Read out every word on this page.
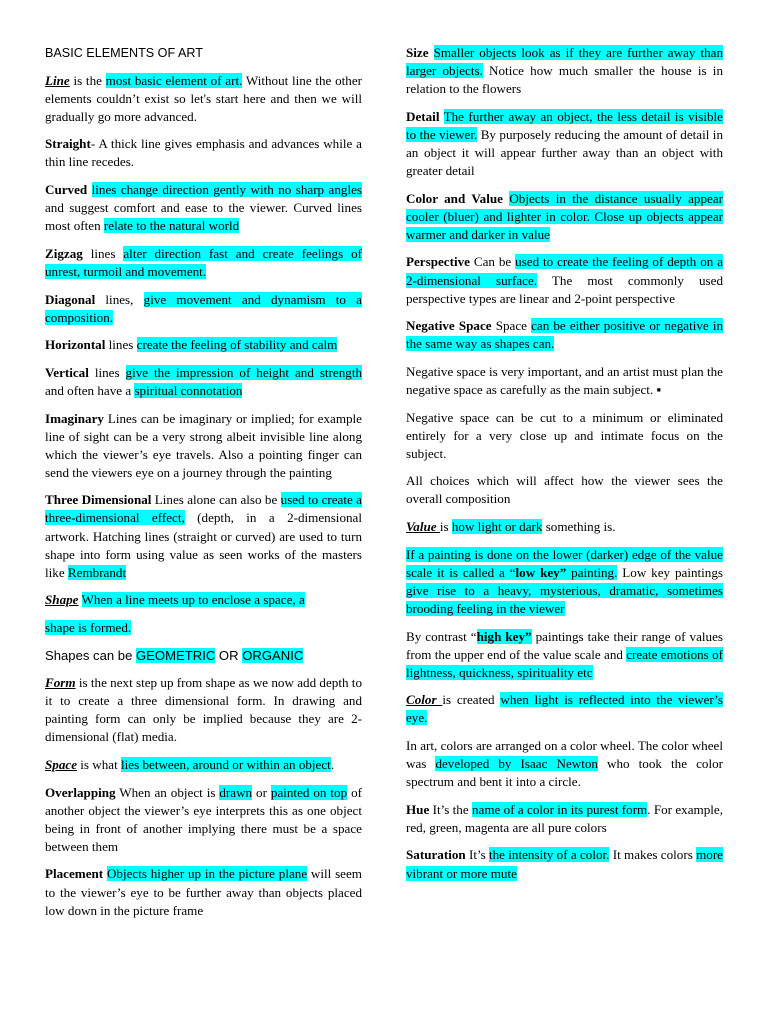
BASIC ELEMENTS OF ART

Line is the most basic element of art. Without line the other elements couldn’t exist so let's start here and then we will gradually go more advanced.

Straight- A thick line gives emphasis and advances while a thin line recedes.

Curved lines change direction gently with no sharp angles and suggest comfort and ease to the viewer. Curved lines most often relate to the natural world

Zigzag lines alter direction fast and create feelings of unrest, turmoil and movement.

Diagonal lines, give movement and dynamism to a composition.

Horizontal lines create the feeling of stability and calm

Vertical lines give the impression of height and strength and often have a spiritual connotation

Imaginary Lines can be imaginary or implied; for example line of sight can be a very strong albeit invisible line along which the viewer’s eye travels. Also a pointing finger can send the viewers eye on a journey through the painting

Three Dimensional Lines alone can also be used to create a three-dimensional effect, (depth, in a 2-dimensional artwork. Hatching lines (straight or curved) are used to turn shape into form using value as seen works of the masters like Rembrandt

Shape When a line meets up to enclose a space, a

shape is formed.

Shapes can be GEOMETRIC OR ORGANIC

Form is the next step up from shape as we now add depth to it to create a three dimensional form. In drawing and painting form can only be implied because they are 2-dimensional (flat) media.

Space is what lies between, around or within an object.

Overlapping When an object is drawn or painted on top of another object the viewer’s eye interprets this as one object being in front of another implying there must be a space between them

Placement Objects higher up in the picture plane will seem to the viewer’s eye to be further away than objects placed low down in the picture frame

Size Smaller objects look as if they are further away than larger objects. Notice how much smaller the house is in relation to the flowers

Detail The further away an object, the less detail is visible to the viewer. By purposely reducing the amount of detail in an object it will appear further away than an object with greater detail

Color and Value Objects in the distance usually appear cooler (bluer) and lighter in color. Close up objects appear warmer and darker in value

Perspective Can be used to create the feeling of depth on a 2-dimensional surface. The most commonly used perspective types are linear and 2-point perspective

Negative Space Space can be either positive or negative in the same way as shapes can.

Negative space is very important, and an artist must plan the negative space as carefully as the main subject. ▪

Negative space can be cut to a minimum or eliminated entirely for a very close up and intimate focus on the subject.

All choices which will affect how the viewer sees the overall composition

Value is how light or dark something is.

If a painting is done on the lower (darker) edge of the value scale it is called a “low key” painting. Low key paintings give rise to a heavy, mysterious, dramatic, sometimes brooding feeling in the viewer

By contrast “high key” paintings take their range of values from the upper end of the value scale and create emotions of lightness, quickness, spirituality etc

Color is created when light is reflected into the viewer’s eye.

In art, colors are arranged on a color wheel. The color wheel was developed by Isaac Newton who took the color spectrum and bent it into a circle.

Hue It’s the name of a color in its purest form. For example, red, green, magenta are all pure colors

Saturation It’s the intensity of a color. It makes colors more vibrant or more mute
